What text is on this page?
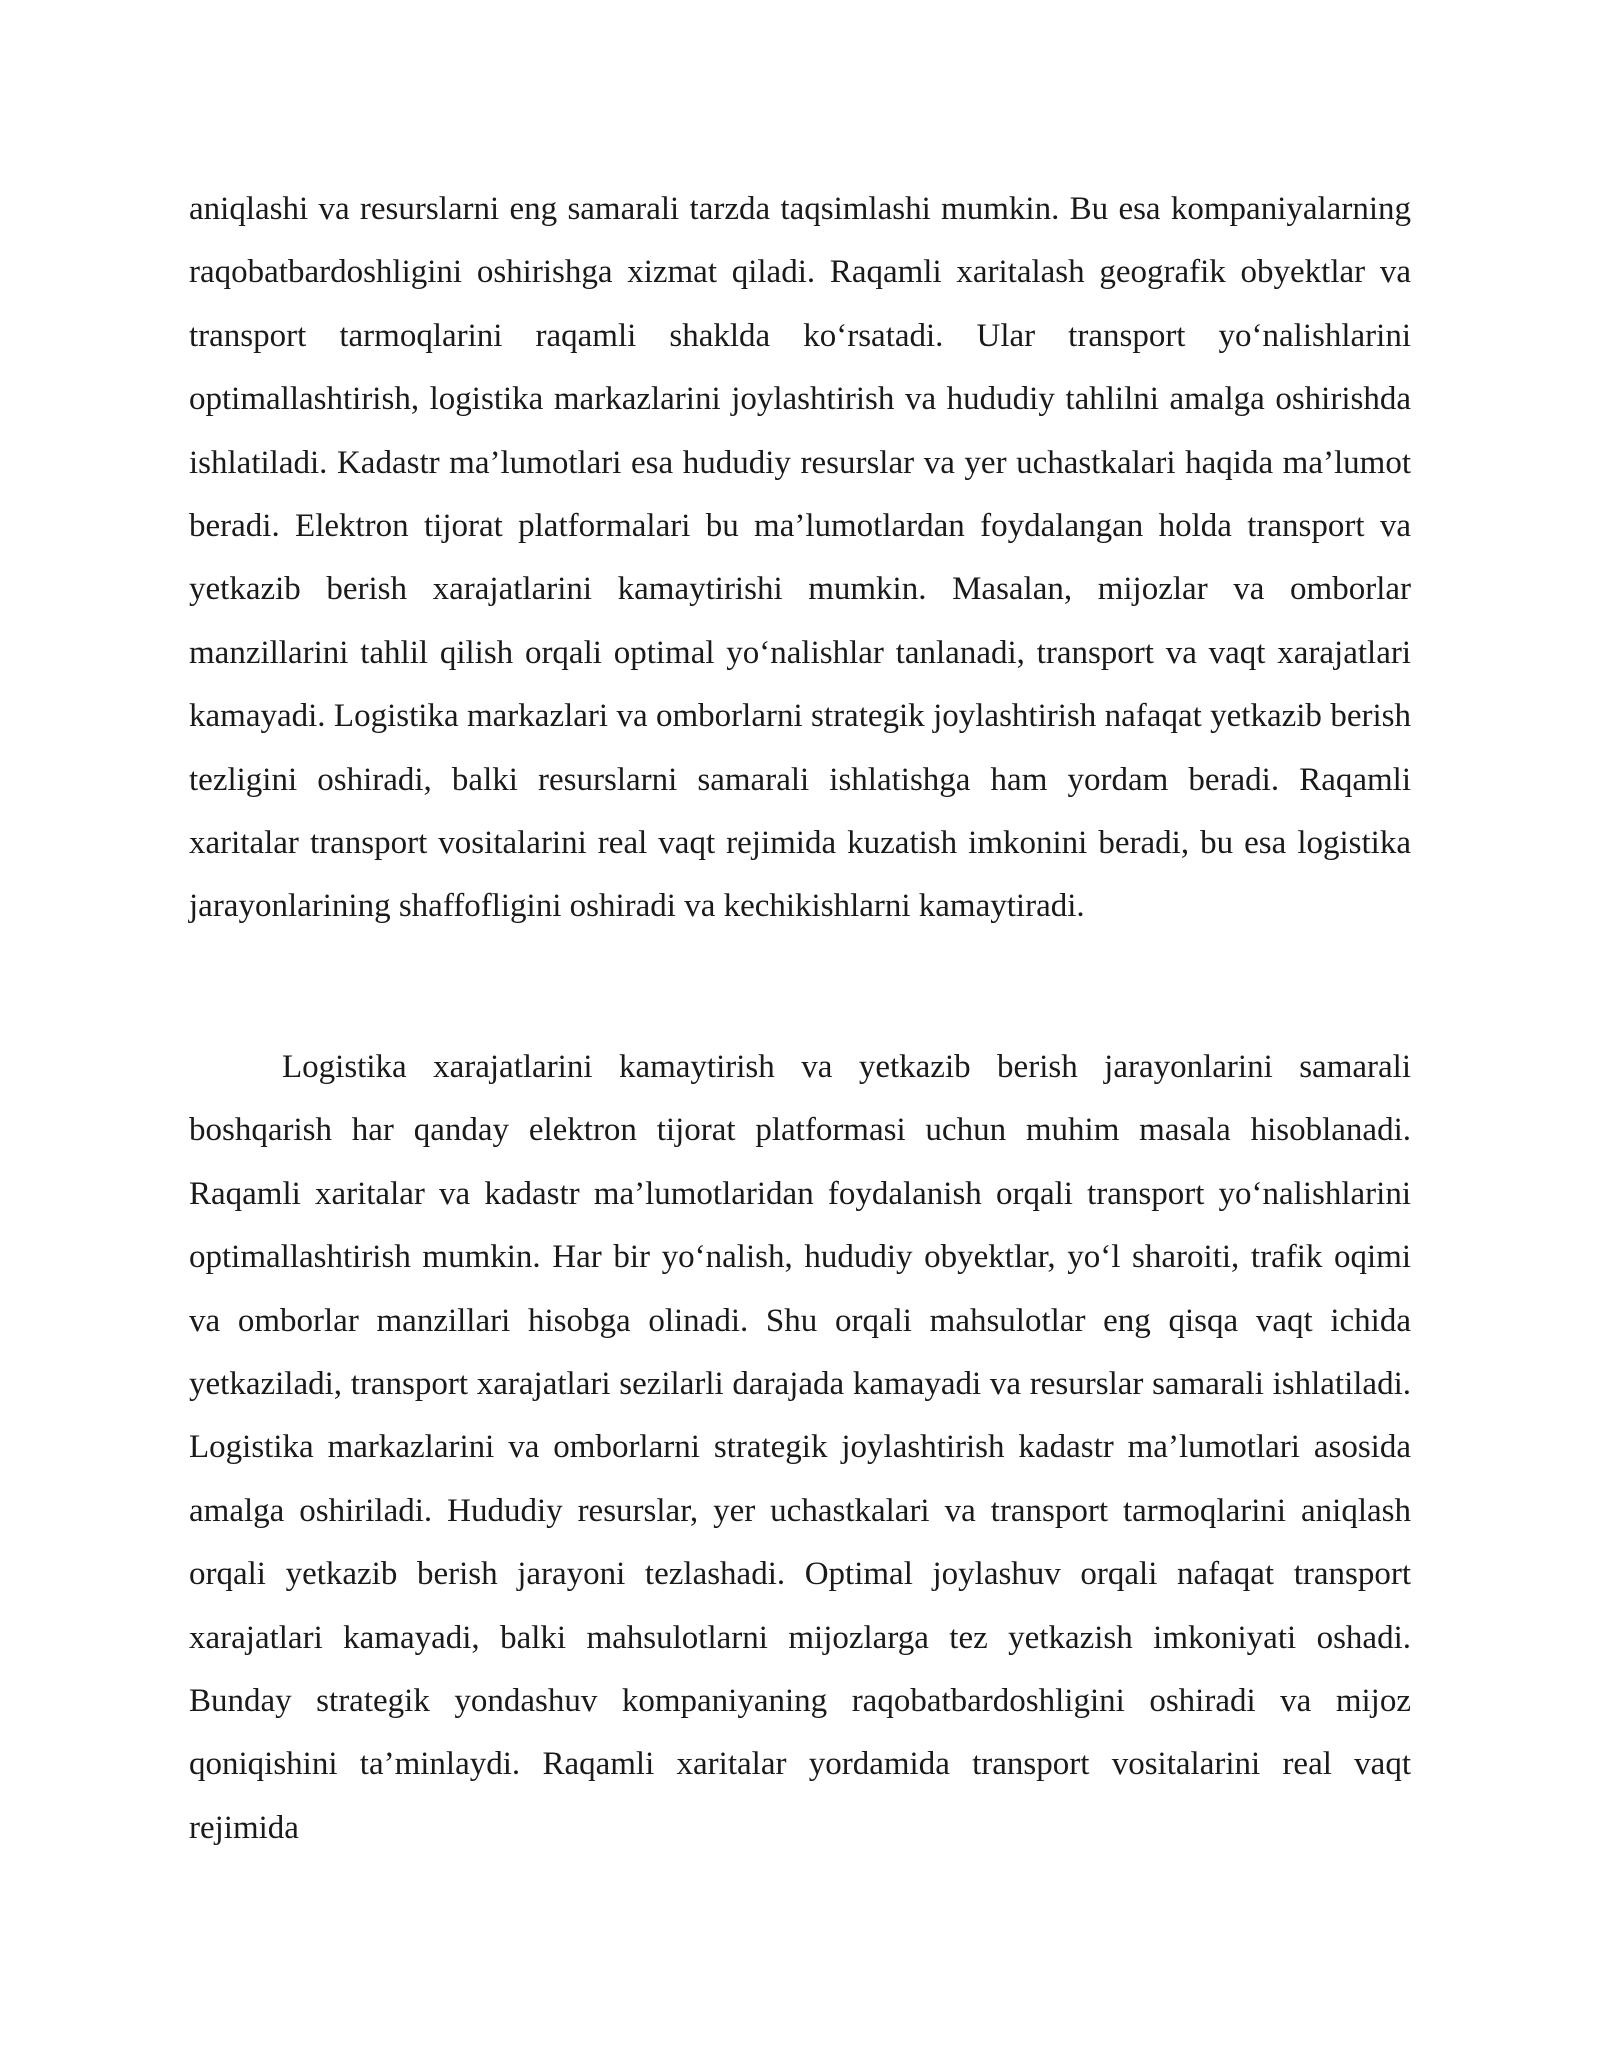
aniqlashi va resurslarni eng samarali tarzda taqsimlashi mumkin. Bu esa kompaniyalarning raqobatbardoshligini oshirishga xizmat qiladi. Raqamli xaritalash geografik obyektlar va transport tarmoqlarini raqamli shaklda ko‘rsatadi. Ular transport yo‘nalishlarini optimallashtirish, logistika markazlarini joylashtirish va hududiy tahlilni amalga oshirishda ishlatiladi. Kadastr ma’lumotlari esa hududiy resurslar va yer uchastkalari haqida ma’lumot beradi. Elektron tijorat platformalari bu ma’lumotlardan foydalangan holda transport va yetkazib berish xarajatlarini kamaytirishi mumkin. Masalan, mijozlar va omborlar manzillarini tahlil qilish orqali optimal yo‘nalishlar tanlanadi, transport va vaqt xarajatlari kamayadi. Logistika markazlari va omborlarni strategik joylashtirish nafaqat yetkazib berish tezligini oshiradi, balki resurslarni samarali ishlatishga ham yordam beradi. Raqamli xaritalar transport vositalarini real vaqt rejimida kuzatish imkonini beradi, bu esa logistika jarayonlarining shaffofligini oshiradi va kechikishlarni kamaytiradi.

Logistika xarajatlarini kamaytirish va yetkazib berish jarayonlarini samarali boshqarish har qanday elektron tijorat platformasi uchun muhim masala hisoblanadi. Raqamli xaritalar va kadastr ma’lumotlaridan foydalanish orqali transport yo‘nalishlarini optimallashtirish mumkin. Har bir yo‘nalish, hududiy obyektlar, yo‘l sharoiti, trafik oqimi va omborlar manzillari hisobga olinadi. Shu orqali mahsulotlar eng qisqa vaqt ichida yetkaziladi, transport xarajatlari sezilarli darajada kamayadi va resurslar samarali ishlatiladi. Logistika markazlarini va omborlarni strategik joylashtirish kadastr ma’lumotlari asosida amalga oshiriladi. Hududiy resurslar, yer uchastkalari va transport tarmoqlarini aniqlash orqali yetkazib berish jarayoni tezlashadi. Optimal joylashuv orqali nafaqat transport xarajatlari kamayadi, balki mahsulotlarni mijozlarga tez yetkazish imkoniyati oshadi. Bunday strategik yondashuv kompaniyaning raqobatbardoshligini oshiradi va mijoz qoniqishini ta’minlaydi. Raqamli xaritalar yordamida transport vositalarini real vaqt rejimida
